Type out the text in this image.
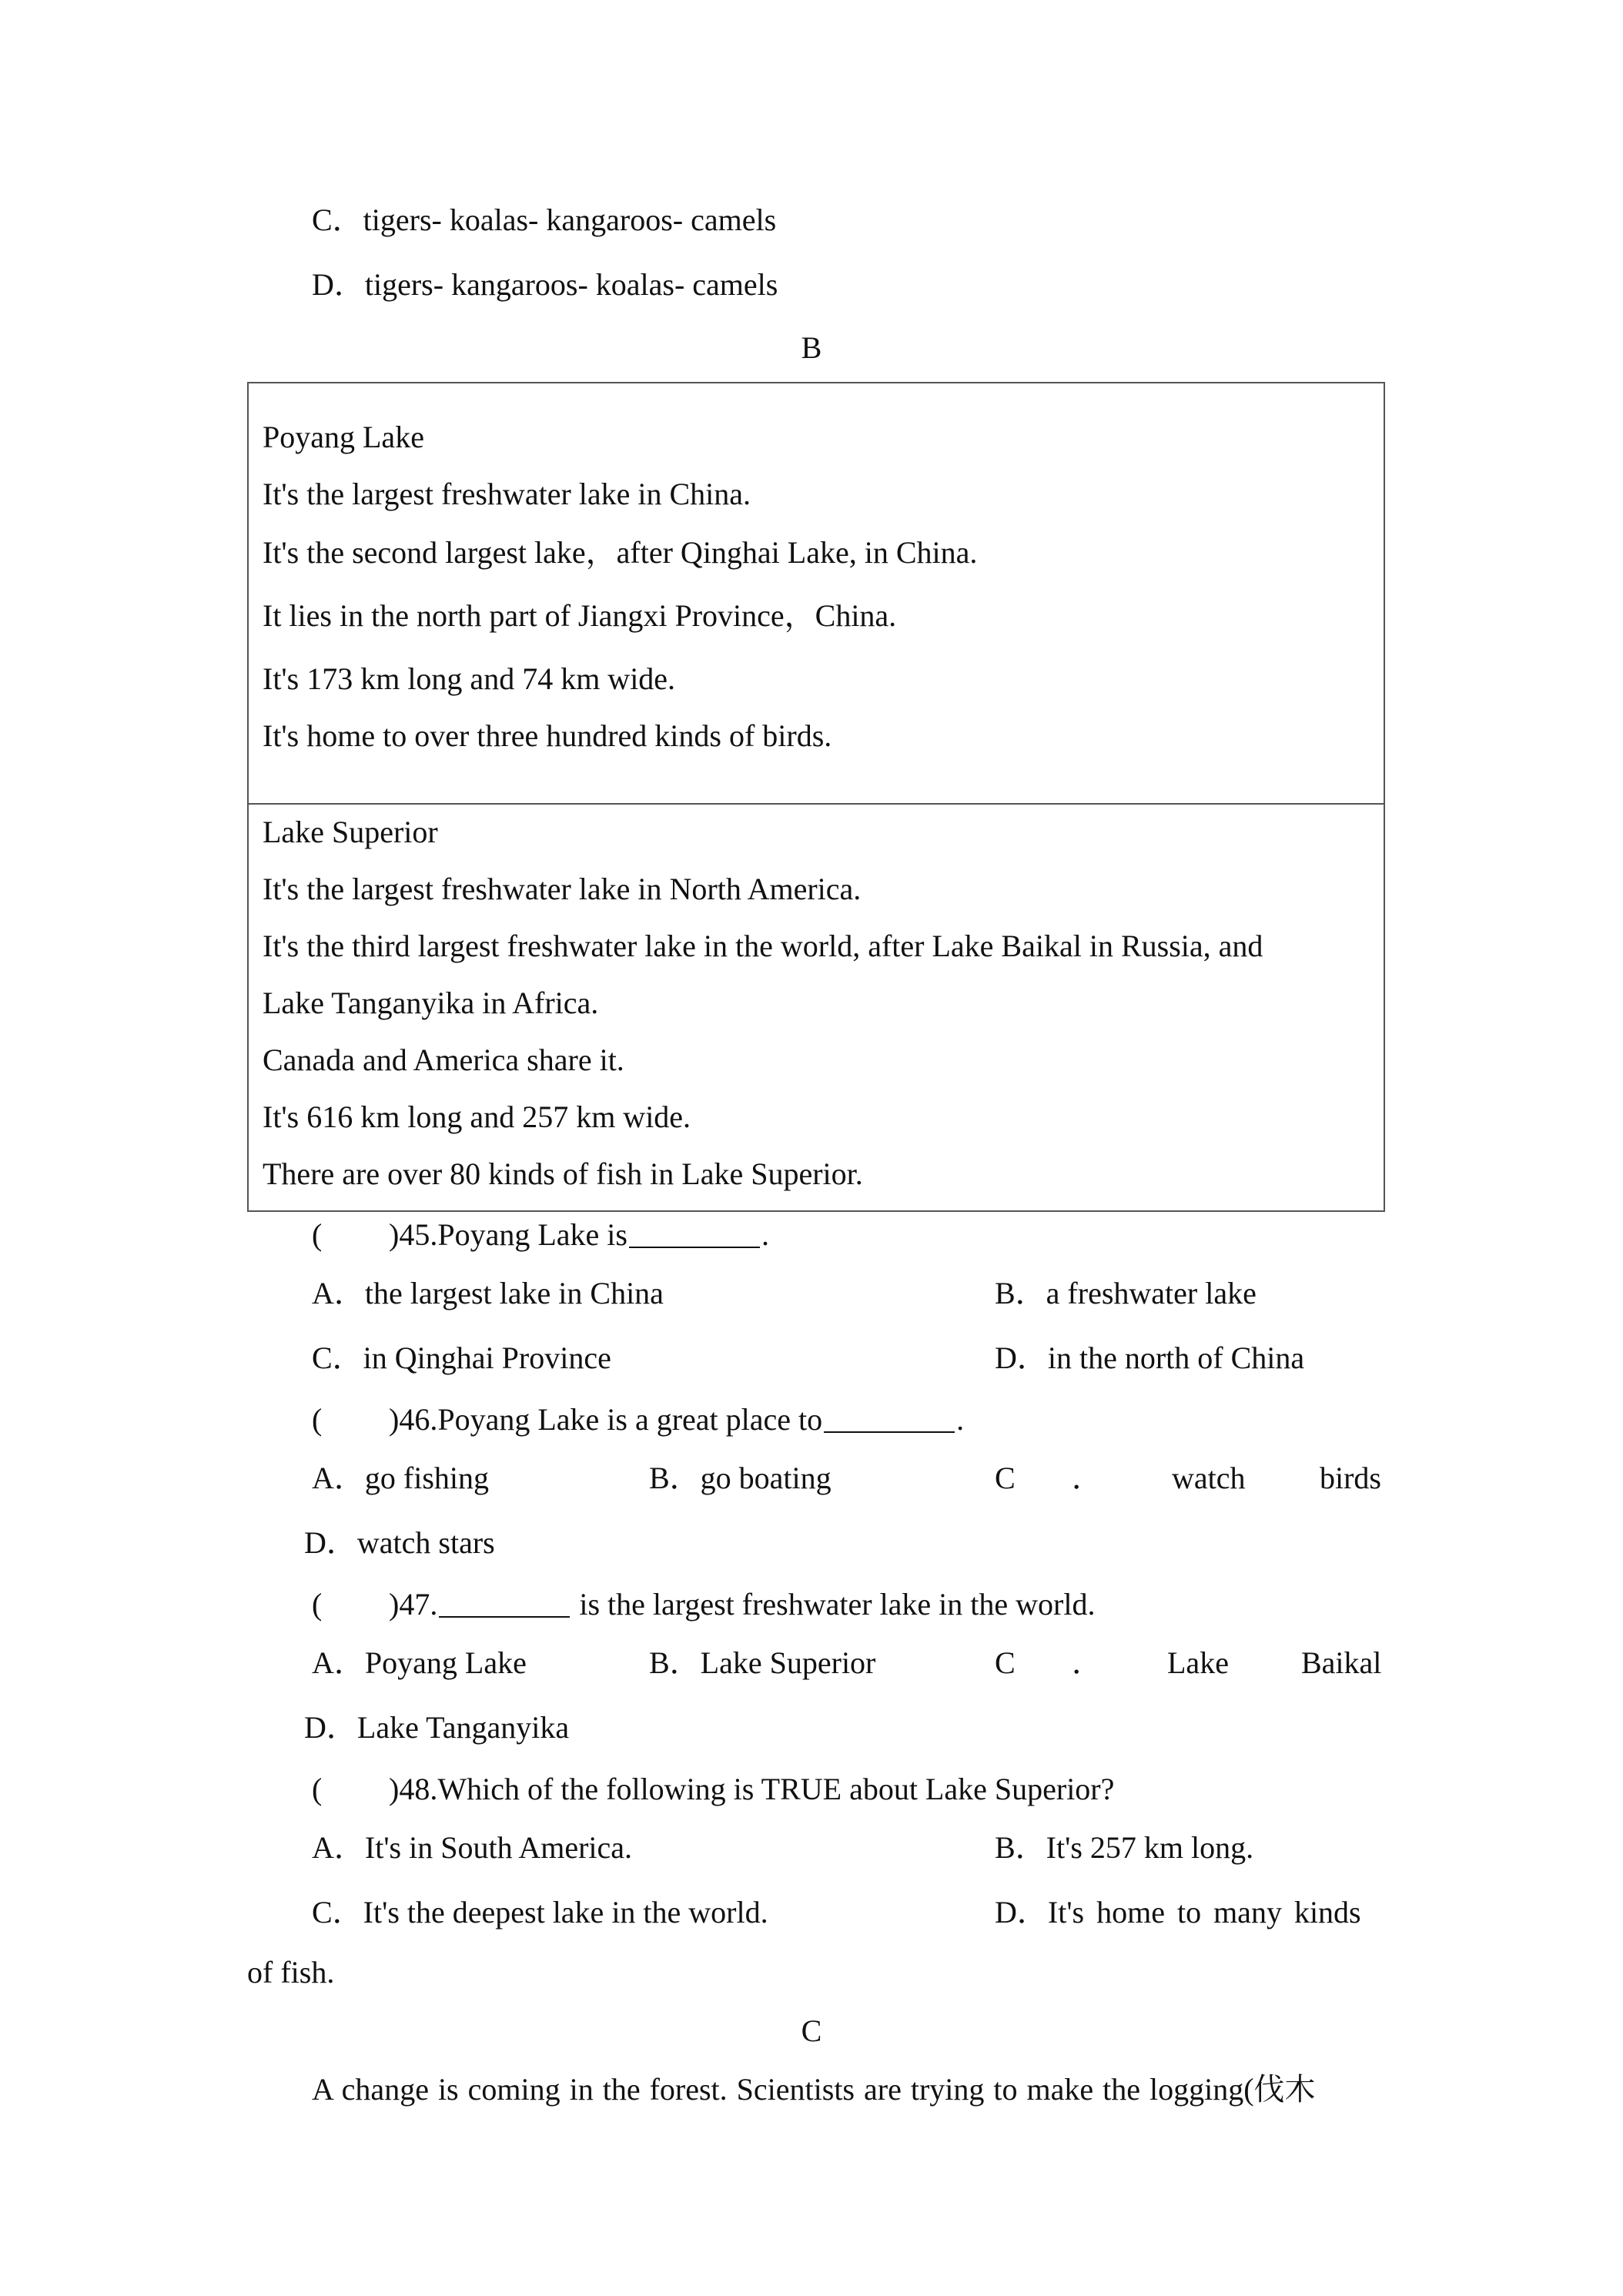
C．tigers- koalas- kangaroos- camels
D．tigers- kangaroos- koalas- camels
B
Poyang Lake
It's the largest freshwater lake in China.
It's the second largest lake，after Qinghai Lake, in China.
It lies in the north part of Jiangxi Province，China.
It's 173 km long and 74 km wide.
It's home to over three hundred kinds of birds.
Lake Superior
It's the largest freshwater lake in North America.
It's the third largest freshwater lake in the world, after Lake Baikal in Russia, and
Lake Tanganyika in Africa.
Canada and America share it.
It's 616 km long and 257 km wide.
There are over 80 kinds of fish in Lake Superior.
( )45.Poyang Lake is	.
A．the largest lake in China	B．a freshwater lake
C．in Qinghai Province	D．in the north of China
( )46.Poyang Lake is a great place to	.
A．go fishing	B．go boating	C ． watch birds
D．watch stars
( )47.	is the largest freshwater lake in the world.
A．Poyang Lake	B．Lake Superior	C ． Lake Baikal
D．Lake Tanganyika
( )48.Which of the following is TRUE about Lake Superior?
A．It's in South America.	B．It's 257 km long.
C．It's the deepest lake in the world.	D．It's home to many kinds
of fish.
C
A change is coming in the forest. Scientists are trying to make the logging(伐木
